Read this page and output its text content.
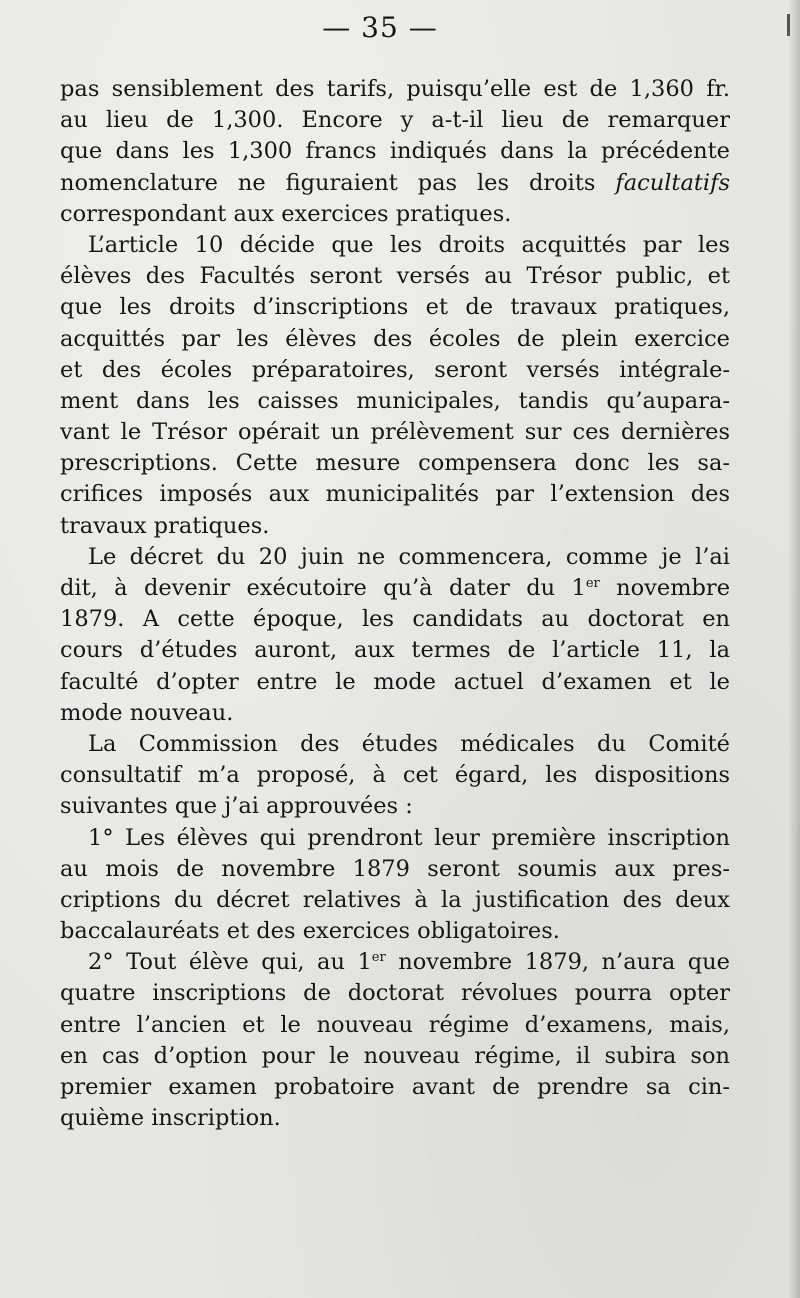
— 35 —
pas sensiblement des tarifs, puisqu’elle est de 1,360 fr.
au lieu de 1,300. Encore y a-t-il lieu de remarquer
que dans les 1,300 francs indiqués dans la précédente
nomenclature ne figuraient pas les droits facultatifs
correspondant aux exercices pratiques.
L’article 10 décide que les droits acquittés par les
élèves des Facultés seront versés au Trésor public, et
que les droits d’inscriptions et de travaux pratiques,
acquittés par les élèves des écoles de plein exercice
et des écoles préparatoires, seront versés intégrale-
ment dans les caisses municipales, tandis qu’aupara-
vant le Trésor opérait un prélèvement sur ces dernières
prescriptions. Cette mesure compensera donc les sa-
crifices imposés aux municipalités par l’extension des
travaux pratiques.
Le décret du 20 juin ne commencera, comme je l’ai
dit, à devenir exécutoire qu’à dater du 1er novembre
1879. A cette époque, les candidats au doctorat en
cours d’études auront, aux termes de l’article 11, la
faculté d’opter entre le mode actuel d’examen et le
mode nouveau.
La Commission des études médicales du Comité
consultatif m’a proposé, à cet égard, les dispositions
suivantes que j’ai approuvées :
1° Les élèves qui prendront leur première inscription
au mois de novembre 1879 seront soumis aux pres-
criptions du décret relatives à la justification des deux
baccalauréats et des exercices obligatoires.
2° Tout élève qui, au 1er novembre 1879, n’aura que
quatre inscriptions de doctorat révolues pourra opter
entre l’ancien et le nouveau régime d’examens, mais,
en cas d’option pour le nouveau régime, il subira son
premier examen probatoire avant de prendre sa cin-
quième inscription.
